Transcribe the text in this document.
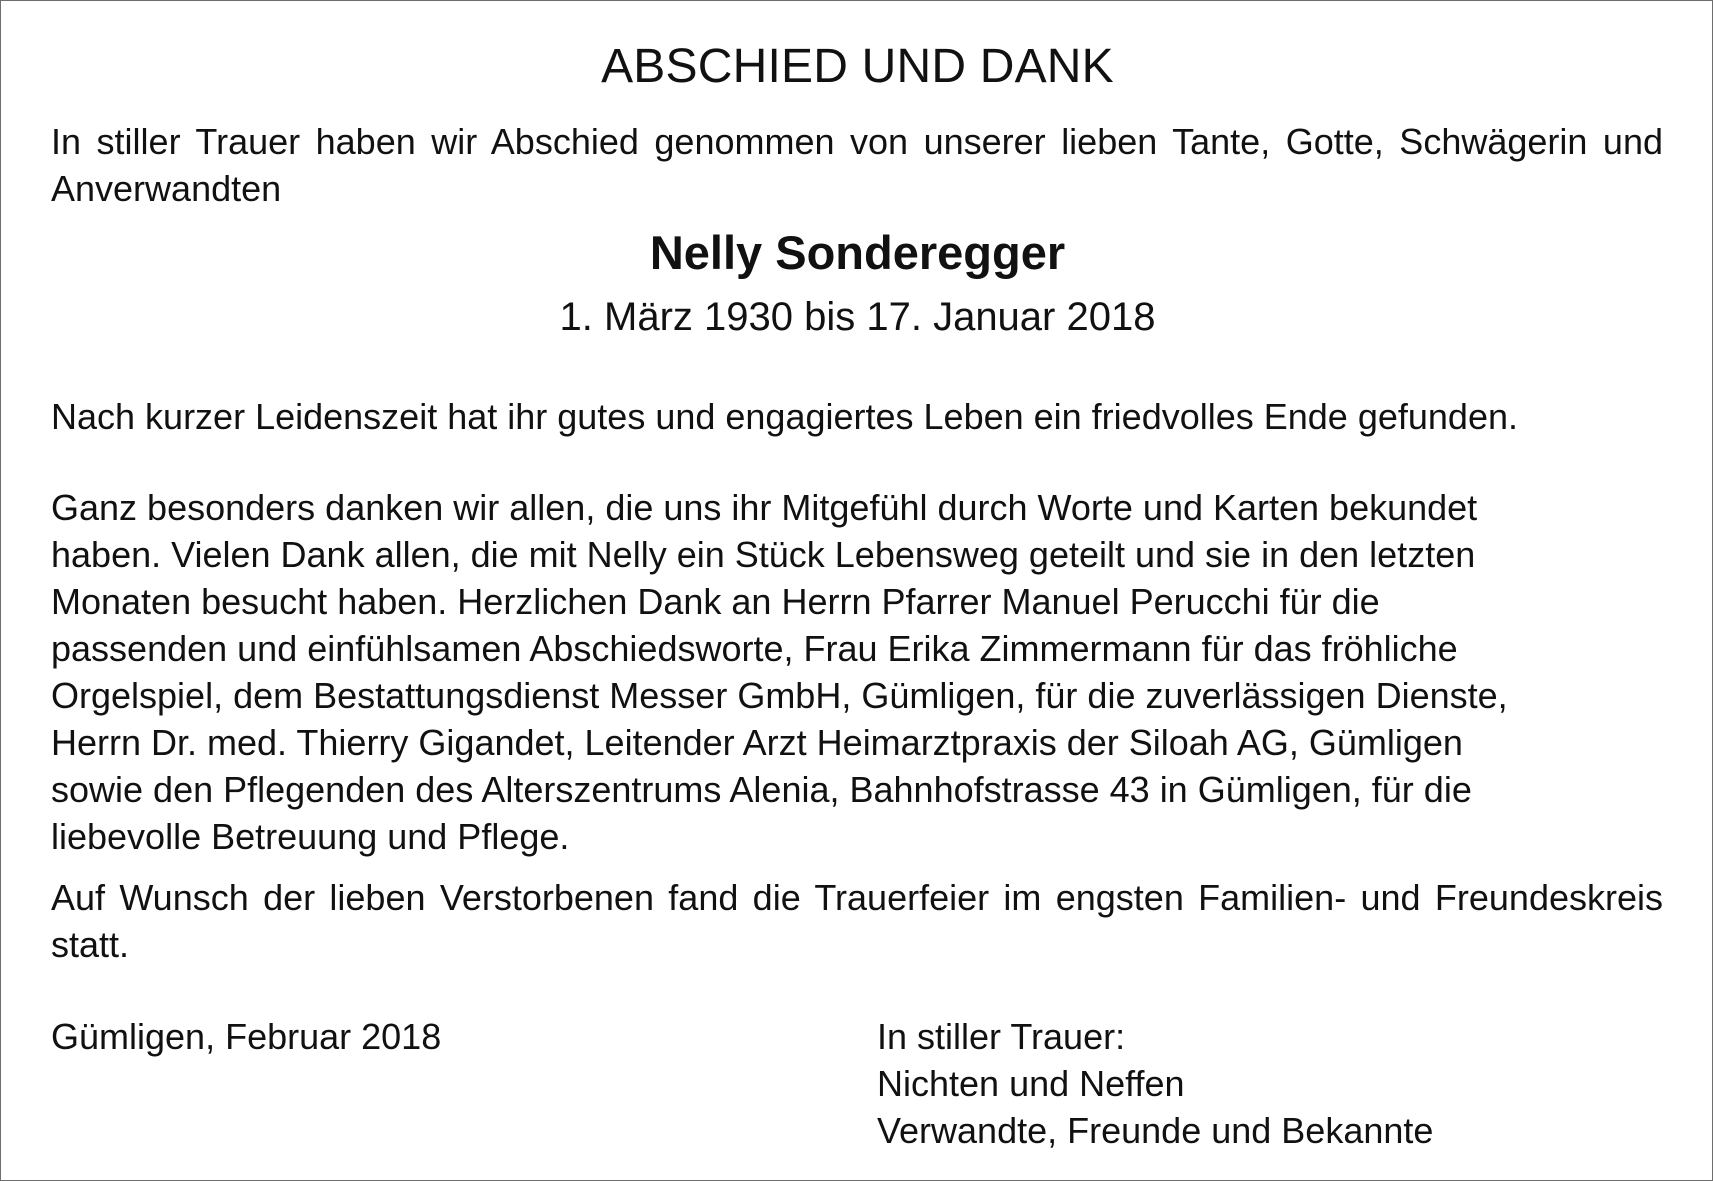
ABSCHIED UND DANK
In stiller Trauer haben wir Abschied genommen von unserer lieben Tante, Gotte, Schwägerin und Anverwandten
Nelly Sonderegger
1. März 1930 bis 17. Januar 2018
Nach kurzer Leidenszeit hat ihr gutes und engagiertes Leben ein friedvolles Ende gefunden.
Ganz besonders danken wir allen, die uns ihr Mitgefühl durch Worte und Karten bekundet
haben. Vielen Dank allen, die mit Nelly ein Stück Lebensweg geteilt und sie in den letzten
Monaten besucht haben. Herzlichen Dank an Herrn Pfarrer Manuel Perucchi für die
passenden und einfühlsamen Abschiedsworte, Frau Erika Zimmermann für das fröhliche
Orgelspiel, dem Bestattungsdienst Messer GmbH, Gümligen, für die zuverlässigen Dienste,
Herrn Dr. med. Thierry Gigandet, Leitender Arzt Heimarztpraxis der Siloah AG, Gümligen
sowie den Pflegenden des Alterszentrums Alenia, Bahnhofstrasse 43 in Gümligen, für die
liebevolle Betreuung und Pflege.
Auf Wunsch der lieben Verstorbenen fand die Trauerfeier im engsten Familien- und Freundeskreis statt.
Gümligen, Februar 2018	In stiller Trauer:
Nichten und Neffen
Verwandte, Freunde und Bekannte
